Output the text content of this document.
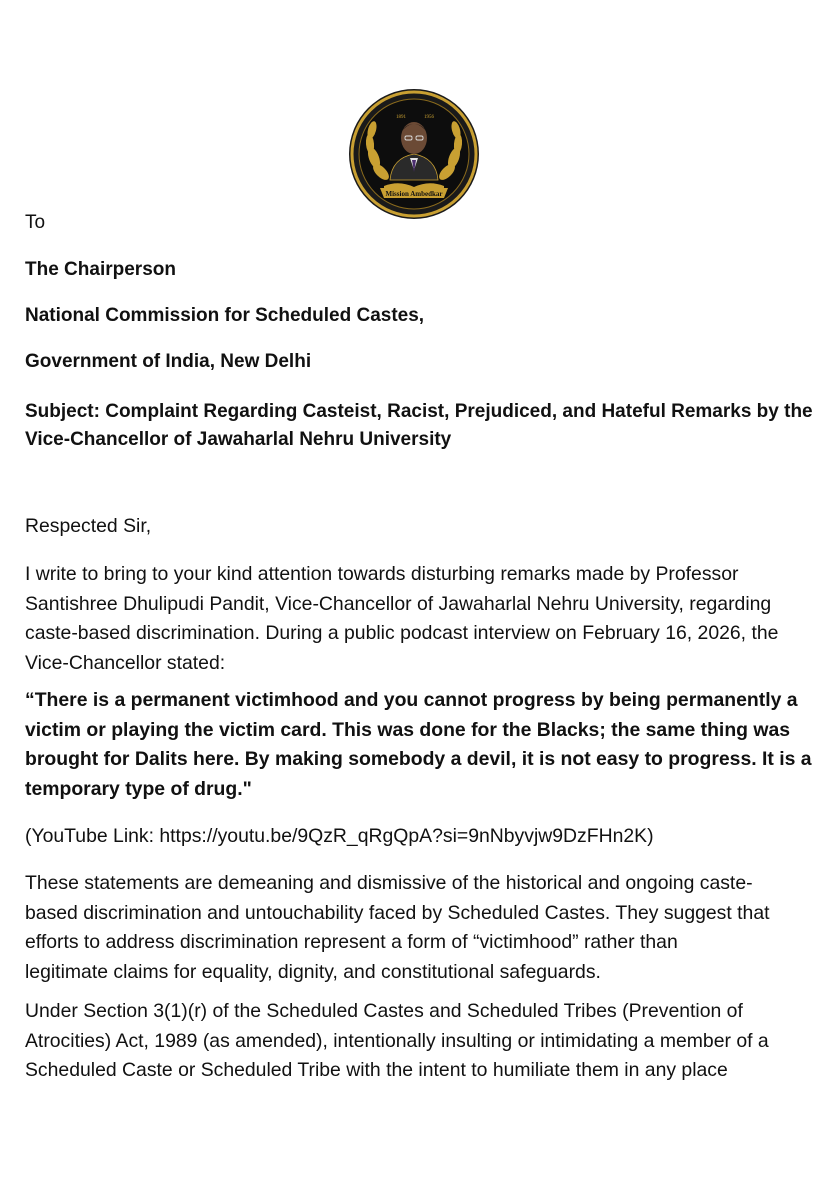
Mission Ambedkar
1891	1956

To

The Chairperson

National Commission for Scheduled Castes,

Government of India, New Delhi

Subject: Complaint Regarding Casteist, Racist, Prejudiced, and Hateful Remarks by the
Vice-Chancellor of Jawaharlal Nehru University

Respected Sir,

I write to bring to your kind attention towards disturbing remarks made by Professor
Santishree Dhulipudi Pandit, Vice-Chancellor of Jawaharlal Nehru University, regarding
caste-based discrimination. During a public podcast interview on February 16, 2026, the
Vice-Chancellor stated:
“There is a permanent victimhood and you cannot progress by being permanently a
victim or playing the victim card. This was done for the Blacks; the same thing was
brought for Dalits here. By making somebody a devil, it is not easy to progress. It is a
temporary type of drug."

(YouTube Link: https://youtu.be/9QzR_qRgQpA?si=9nNbyvjw9DzFHn2K)

These statements are demeaning and dismissive of the historical and ongoing caste-
based discrimination and untouchability faced by Scheduled Castes. They suggest that
efforts to address discrimination represent a form of “victimhood” rather than
legitimate claims for equality, dignity, and constitutional safeguards.
Under Section 3(1)(r) of the Scheduled Castes and Scheduled Tribes (Prevention of
Atrocities) Act, 1989 (as amended), intentionally insulting or intimidating a member of a
Scheduled Caste or Scheduled Tribe with the intent to humiliate them in any place
